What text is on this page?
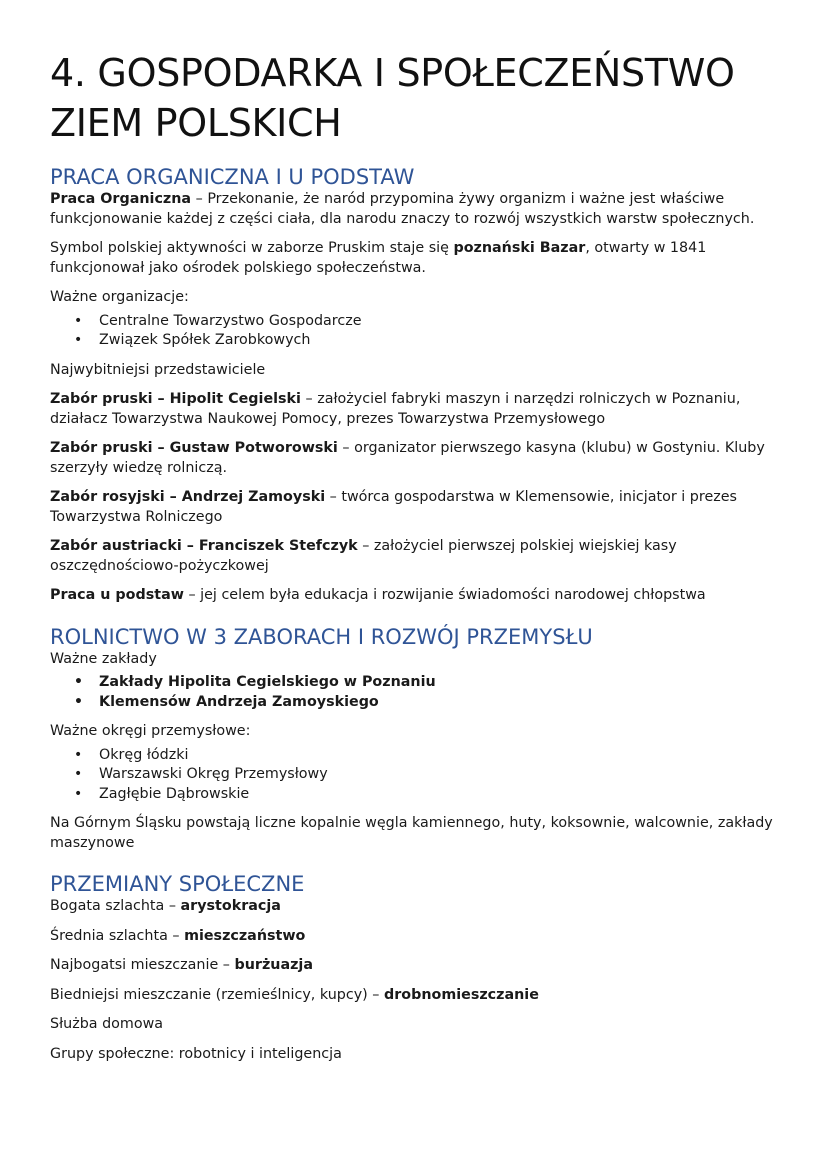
4. GOSPODARKA I SPOŁECZEŃSTWO ZIEM POLSKICH
PRACA ORGANICZNA I U PODSTAW

Praca Organiczna – Przekonanie, że naród przypomina żywy organizm i ważne jest właściwe funkcjonowanie każdej z części ciała, dla narodu znaczy to rozwój wszystkich warstw społecznych.

Symbol polskiej aktywności w zaborze Pruskim staje się poznański Bazar, otwarty w 1841 funkcjonował jako ośrodek polskiego społeczeństwa.

Ważne organizacje:

• Centralne Towarzystwo Gospodarcze
• Związek Spółek Zarobkowych

Najwybitniejsi przedstawiciele

Zabór pruski – Hipolit Cegielski – założyciel fabryki maszyn i narzędzi rolniczych w Poznaniu, działacz Towarzystwa Naukowej Pomocy, prezes Towarzystwa Przemysłowego

Zabór pruski – Gustaw Potworowski – organizator pierwszego kasyna (klubu) w Gostyniu. Kluby szerzyły wiedzę rolniczą.

Zabór rosyjski – Andrzej Zamoyski – twórca gospodarstwa w Klemensowie, inicjator i prezes Towarzystwa Rolniczego

Zabór austriacki – Franciszek Stefczyk – założyciel pierwszej polskiej wiejskiej kasy oszczędnościowo-pożyczkowej

Praca u podstaw – jej celem była edukacja i rozwijanie świadomości narodowej chłopstwa

ROLNICTWO W 3 ZABORACH I ROZWÓJ PRZEMYSŁU

Ważne zakłady

• Zakłady Hipolita Cegielskiego w Poznaniu
• Klemensów Andrzeja Zamoyskiego

Ważne okręgi przemysłowe:

• Okręg łódzki
• Warszawski Okręg Przemysłowy
• Zagłębie Dąbrowskie

Na Górnym Śląsku powstają liczne kopalnie węgla kamiennego, huty, koksownie, walcownie, zakłady maszynowe

PRZEMIANY SPOŁECZNE

Bogata szlachta – arystokracja

Średnia szlachta – mieszczaństwo

Najbogatsi mieszczanie – burżuazja

Biedniejsi mieszczanie (rzemieślnicy, kupcy) – drobnomieszczanie

Służba domowa

Grupy społeczne: robotnicy i inteligencja
